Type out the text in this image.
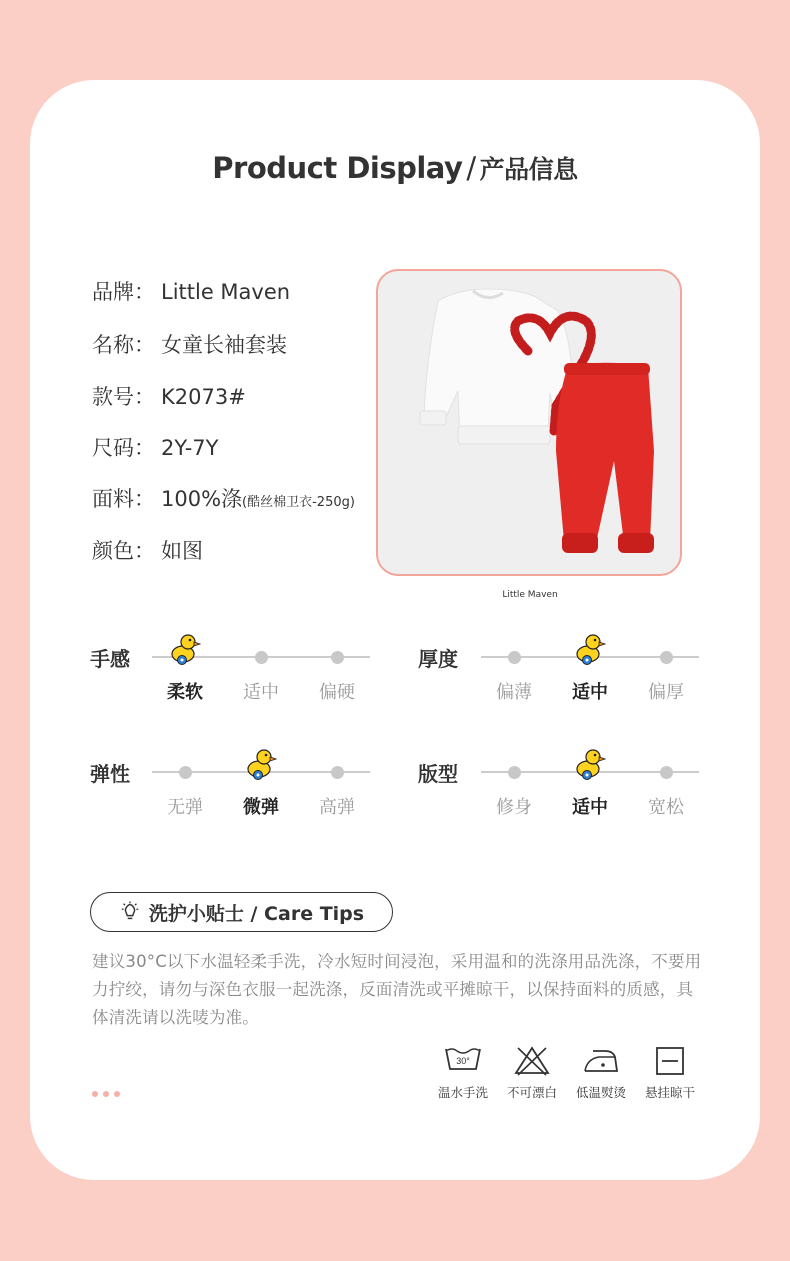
Product Display / 产品信息
品牌： Little Maven
名称： 女童长袖套装
款号： K2073#
尺码： 2Y-7Y
面料： 100%涤(酷丝棉卫衣-250g)
颜色： 如图
Little Maven
手感
柔软	适中	偏硬
厚度
偏薄	适中	偏厚
弹性
无弹	微弹	高弹
版型
修身	适中	宽松
洗护小贴士 / Care Tips
建议30°C以下水温轻柔手洗，冷水短时间浸泡，采用温和的洗涤用品洗涤，不要用力拧绞，请勿与深色衣服一起洗涤，反面清洗或平摊晾干，以保持面料的质感，具体清洗请以洗唛为准。
30°
温水手洗	不可漂白	低温熨烫	悬挂晾干
